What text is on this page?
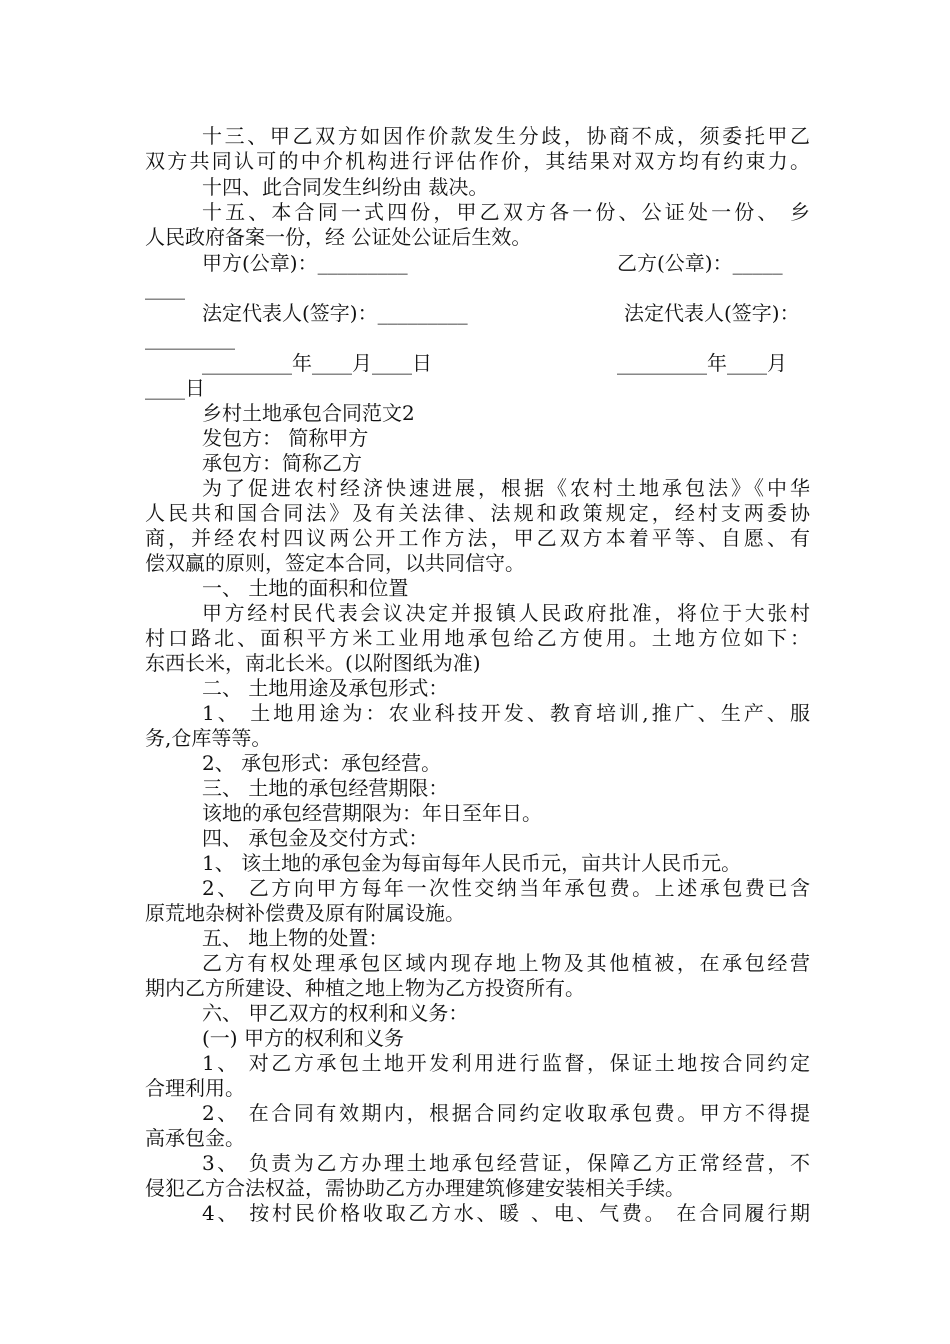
十三、甲乙双方如因作价款发生分歧，协商不成，须委托甲乙
双方共同认可的中介机构进行评估作价，其结果对双方均有约束力。
十四、此合同发生纠纷由 裁决。
十五、本合同一式四份，甲乙双方各一份、公证处一份、 乡
人民政府备案一份，经 公证处公证后生效。
甲方(公章)：_________	乙方(公章)：_____
____
法定代表人(签字)：_________	法定代表人(签字)：
_________
_________年____月____日	_________年____月
____日
乡村土地承包合同范文2
发包方： 简称甲方
承包方：简称乙方
为了促进农村经济快速进展，根据《农村土地承包法》《中华
人民共和国合同法》及有关法律、法规和政策规定，经村支两委协
商，并经农村四议两公开工作方法，甲乙双方本着平等、自愿、有
偿双赢的原则，签定本合同，以共同信守。
一、 土地的面积和位置
甲方经村民代表会议决定并报镇人民政府批准，将位于大张村
村口路北、面积平方米工业用地承包给乙方使用。土地方位如下：
东西长米，南北长米。(以附图纸为准)
二、 土地用途及承包形式：
1、 土地用途为：农业科技开发、教育培训,推广、生产、服
务,仓库等等。
2、 承包形式：承包经营。
三、 土地的承包经营期限：
该地的承包经营期限为：年日至年日。
四、 承包金及交付方式：
1、 该土地的承包金为每亩每年人民币元，亩共计人民币元。
2、 乙方向甲方每年一次性交纳当年承包费。上述承包费已含
原荒地杂树补偿费及原有附属设施。
五、 地上物的处置：
乙方有权处理承包区域内现存地上物及其他植被，在承包经营
期内乙方所建设、种植之地上物为乙方投资所有。
六、 甲乙双方的权利和义务：
(一) 甲方的权利和义务
1、 对乙方承包土地开发利用进行监督，保证土地按合同约定
合理利用。
2、 在合同有效期内，根据合同约定收取承包费。甲方不得提
高承包金。
3、 负责为乙方办理土地承包经营证，保障乙方正常经营，不
侵犯乙方合法权益，需协助乙方办理建筑修建安装相关手续。
4、 按村民价格收取乙方水、暖 、电、气费。 在合同履行期
